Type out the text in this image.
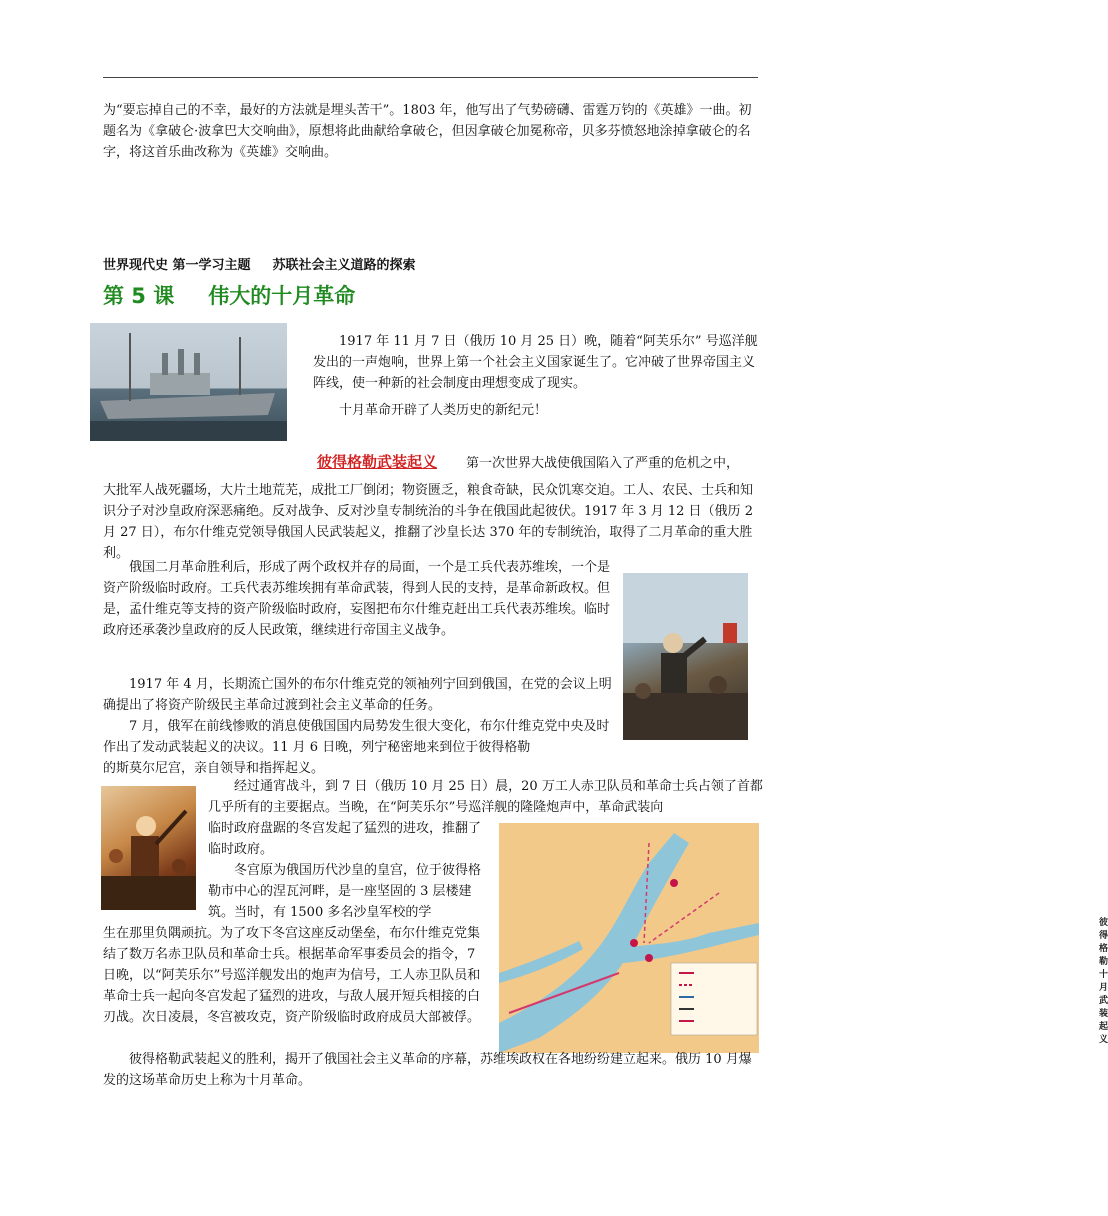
为“要忘掉自己的不幸，最好的方法就是埋头苦干”。1803 年，他写出了气势磅礴、雷霆万钧的《英雄》一曲。初题名为《拿破仑·波拿巴大交响曲》，原想将此曲献给拿破仑，但因拿破仑加冕称帝，贝多芬愤怒地涂掉拿破仑的名字，将这首乐曲改称为《英雄》交响曲。

世界现代史 第一学习主题 苏联社会主义道路的探索
第 5 课 伟大的十月革命

1917 年 11 月 7 日（俄历 10 月 25 日）晚，随着“阿芙乐尔” 号巡洋舰发出的一声炮响，世界上第一个社会主义国家诞生了。它冲破了世界帝国主义阵线，使一种新的社会制度由理想变成了现实。

十月革命开辟了人类历史的新纪元！

彼得格勒武装起义 第一次世界大战使俄国陷入了严重的危机之中，

大批军人战死疆场，大片土地荒芜，成批工厂倒闭；物资匮乏，粮食奇缺，民众饥寒交迫。工人、农民、士兵和知识分子对沙皇政府深恶痛绝。反对战争、反对沙皇专制统治的斗争在俄国此起彼伏。1917 年 3 月 12 日（俄历 2 月 27 日），布尔什维克党领导俄国人民武装起义，推翻了沙皇长达 370 年的专制统治，取得了二月革命的重大胜利。

俄国二月革命胜利后，形成了两个政权并存的局面，一个是工兵代表苏维埃，一个是资产阶级临时政府。工兵代表苏维埃拥有革命武装，得到人民的支持，是革命新政权。但是，孟什维克等支持的资产阶级临时政府，妄图把布尔什维克赶出工兵代表苏维埃。临时政府还承袭沙皇政府的反人民政策，继续进行帝国主义战争。

1917 年 4 月，长期流亡国外的布尔什维克党的领袖列宁回到俄国，在党的会议上明确提出了将资产阶级民主革命过渡到社会主义革命的任务。

7 月，俄军在前线惨败的消息使俄国国内局势发生很大变化，布尔什维克党中央及时作出了发动武装起义的决议。11 月 6 日晚，列宁秘密地来到位于彼得格勒

的斯莫尔尼宫，亲自领导和指挥起义。

经过通宵战斗，到 7 日（俄历 10 月 25 日）晨，20 万工人赤卫队员和革命士兵占领了首都几乎所有的主要据点。当晚，在“阿芙乐尔”号巡洋舰的隆隆炮声中，革命武装向

临时政府盘踞的冬宫发起了猛烈的进攻，推翻了临时政府。

冬宫原为俄国历代沙皇的皇宫，位于彼得格勒市中心的涅瓦河畔，是一座坚固的 3 层楼建筑。当时，有 1500 多名沙皇军校的学

生在那里负隅顽抗。为了攻下冬宫这座反动堡垒，布尔什维克党集结了数万名赤卫队员和革命士兵。根据革命军事委员会的指令，7 日晚，以“阿芙乐尔”号巡洋舰发出的炮声为信号，工人赤卫队员和革命士兵一起向冬宫发起了猛烈的进攻，与敌人展开短兵相接的白刃战。次日凌晨，冬宫被攻克，资产阶级临时政府成员大部被俘。

彼得格勒十月武装起义

彼得格勒武装起义的胜利，揭开了俄国社会主义革命的序幕，苏维埃政权在各地纷纷建立起来。俄历 10 月爆发的这场革命历史上称为十月革命。
